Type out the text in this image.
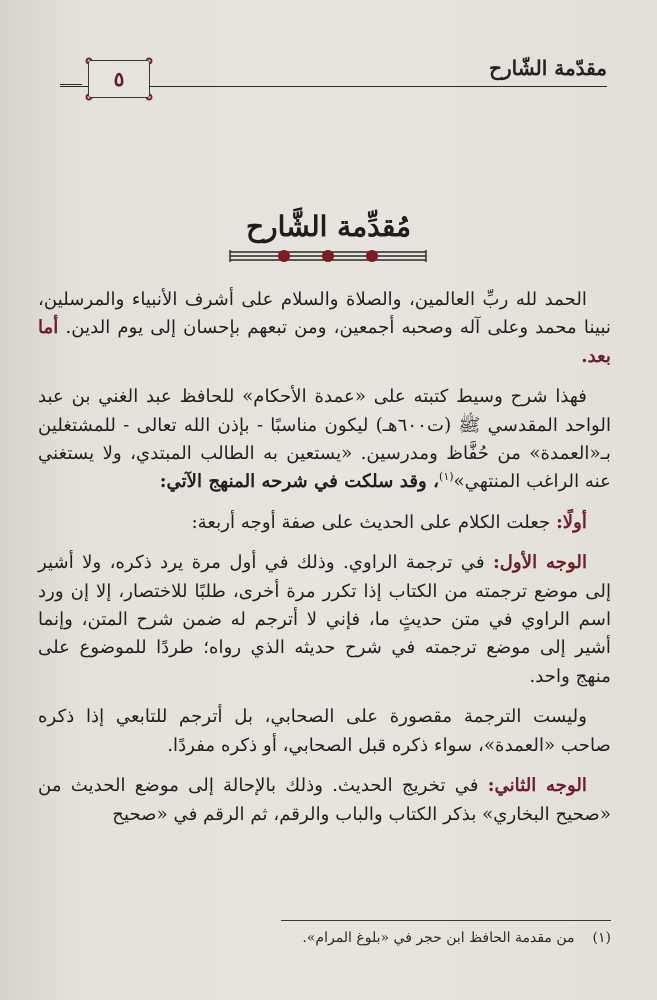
مقدّمة الشّارح
٥
مُقدِّمة الشَّارح

الحمد لله ربِّ العالمين، والصلاة والسلام على أشرف الأنبياء والمرسلين، نبينا محمد وعلى آله وصحبه أجمعين، ومن تبعهم بإحسان إلى يوم الدين. أما بعد.

فهذا شرح وسيط كتبته على «عمدة الأحكام» للحافظ عبد الغني بن عبد الواحد المقدسي ﷺ (ت٦٠٠هـ) ليكون مناسبًا - بإذن الله تعالى - للمشتغلين بـ«العمدة» من حُفَّاظ ومدرسين. «يستعين به الطالب المبتدي، ولا يستغني عنه الراغب المنتهي»$^{(١)}$، وقد سلكت في شرحه المنهج الآتي:

أولًا: جعلت الكلام على الحديث على صفة أوجه أربعة:

الوجه الأول: في ترجمة الراوي. وذلك في أول مرة يرد ذكره، ولا أشير إلى موضع ترجمته من الكتاب إذا تكرر مرة أخرى، طلبًا للاختصار، إلا إن ورد اسم الراوي في متن حديثٍ ما، فإني لا أترجم له ضمن شرح المتن، وإنما أشير إلى موضع ترجمته في شرح حديثه الذي رواه؛ طردًا للموضوع على منهج واحد.

وليست الترجمة مقصورة على الصحابي، بل أترجم للتابعي إذا ذكره صاحب «العمدة»، سواء ذكره قبل الصحابي، أو ذكره مفردًا.

الوجه الثاني: في تخريج الحديث. وذلك بالإحالة إلى موضع الحديث من «صحيح البخاري» بذكر الكتاب والباب والرقم، ثم الرقم في «صحيح

(١)من مقدمة الحافظ ابن حجر في «بلوغ المرام».
